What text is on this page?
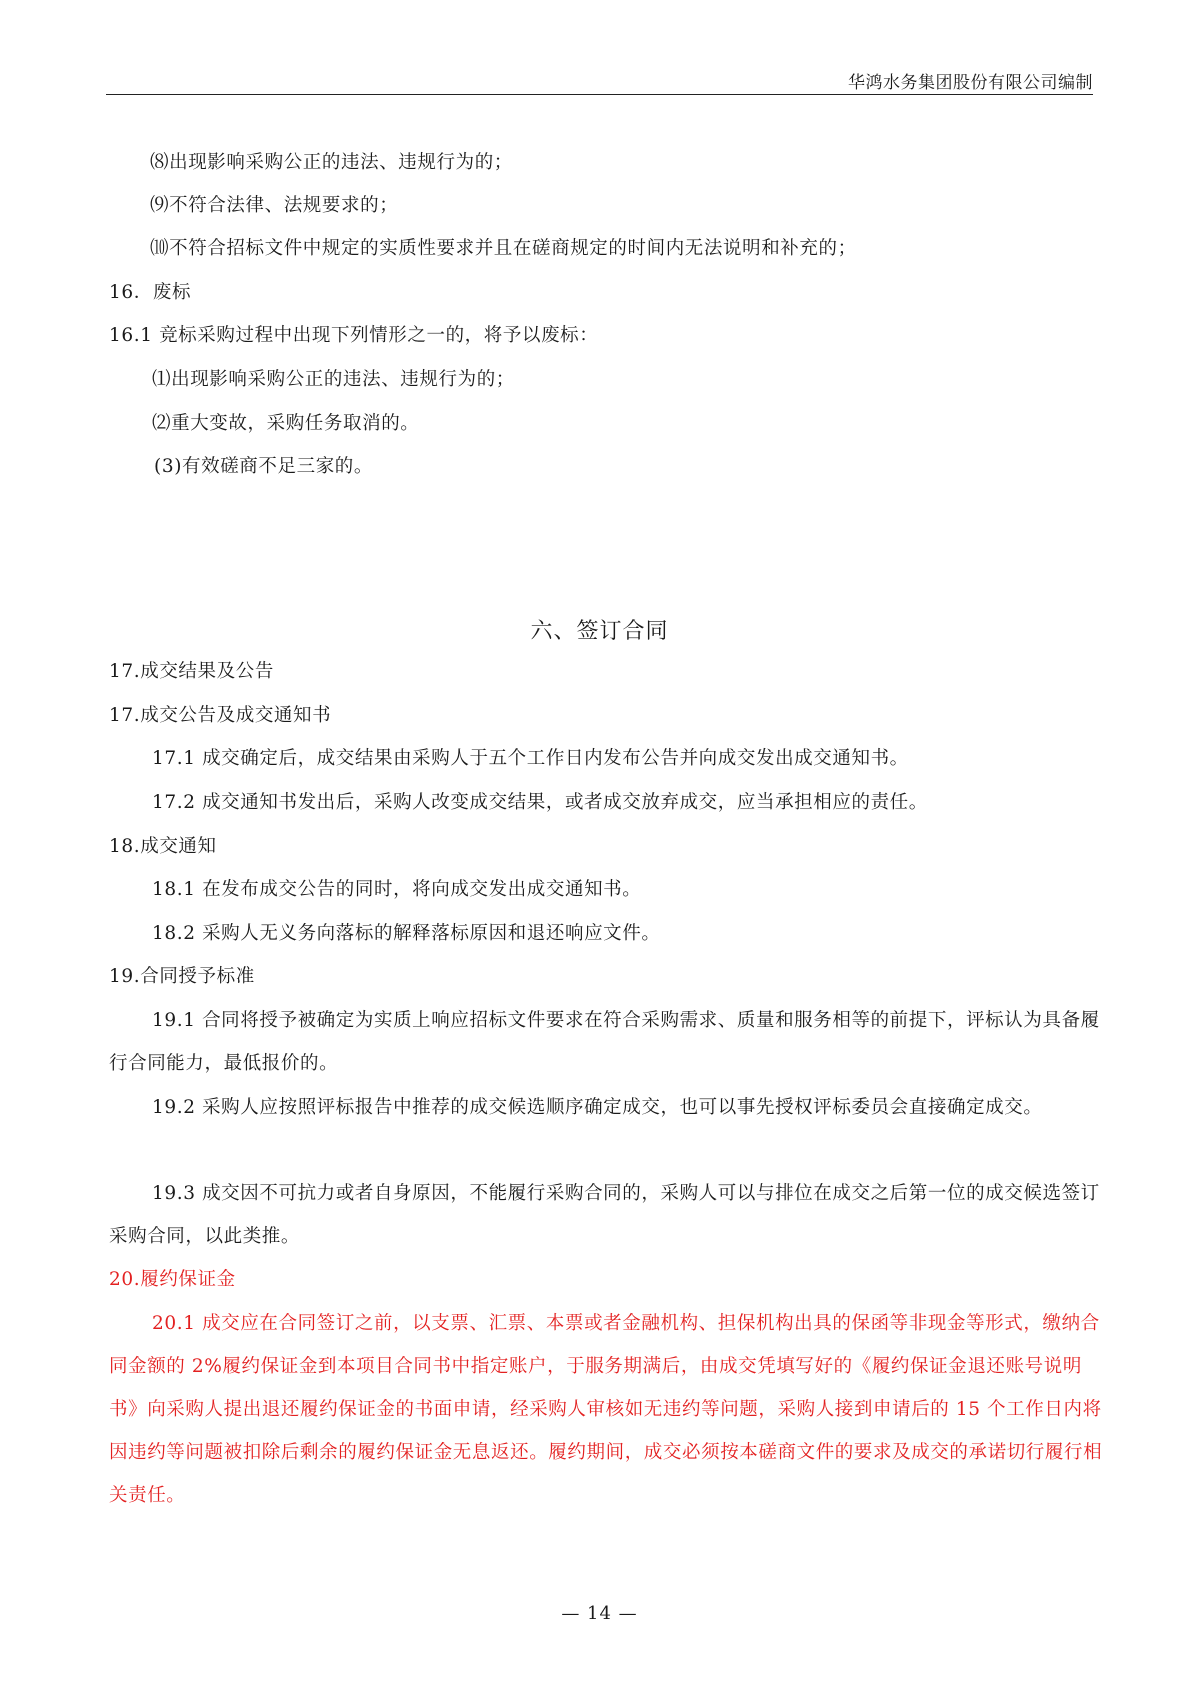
华鸿水务集团股份有限公司编制
⑻出现影响采购公正的违法、违规行为的；
⑼不符合法律、法规要求的；
⑽不符合招标文件中规定的实质性要求并且在磋商规定的时间内无法说明和补充的；
16．废标
16.1 竞标采购过程中出现下列情形之一的，将予以废标：
⑴出现影响采购公正的违法、违规行为的；
⑵重大变故，采购任务取消的。
(3)有效磋商不足三家的。
六、签订合同
17.成交结果及公告
17.成交公告及成交通知书
17.1 成交确定后，成交结果由采购人于五个工作日内发布公告并向成交发出成交通知书。
17.2 成交通知书发出后，采购人改变成交结果，或者成交放弃成交，应当承担相应的责任。
18.成交通知
18.1 在发布成交公告的同时，将向成交发出成交通知书。
18.2 采购人无义务向落标的解释落标原因和退还响应文件。
19.合同授予标准
19.1 合同将授予被确定为实质上响应招标文件要求在符合采购需求、质量和服务相等的前提下，评标认为具备履行合同能力，最低报价的。
19.2 采购人应按照评标报告中推荐的成交候选顺序确定成交，也可以事先授权评标委员会直接确定成交。
19.3 成交因不可抗力或者自身原因，不能履行采购合同的，采购人可以与排位在成交之后第一位的成交候选签订采购合同，以此类推。
20.履约保证金
20.1 成交应在合同签订之前，以支票、汇票、本票或者金融机构、担保机构出具的保函等非现金等形式，缴纳合同金额的 2%履约保证金到本项目合同书中指定账户，于服务期满后，由成交凭填写好的《履约保证金退还账号说明书》向采购人提出退还履约保证金的书面申请，经采购人审核如无违约等问题，采购人接到申请后的 15 个工作日内将因违约等问题被扣除后剩余的履约保证金无息返还。履约期间，成交必须按本磋商文件的要求及成交的承诺切行履行相关责任。
— 14 —
